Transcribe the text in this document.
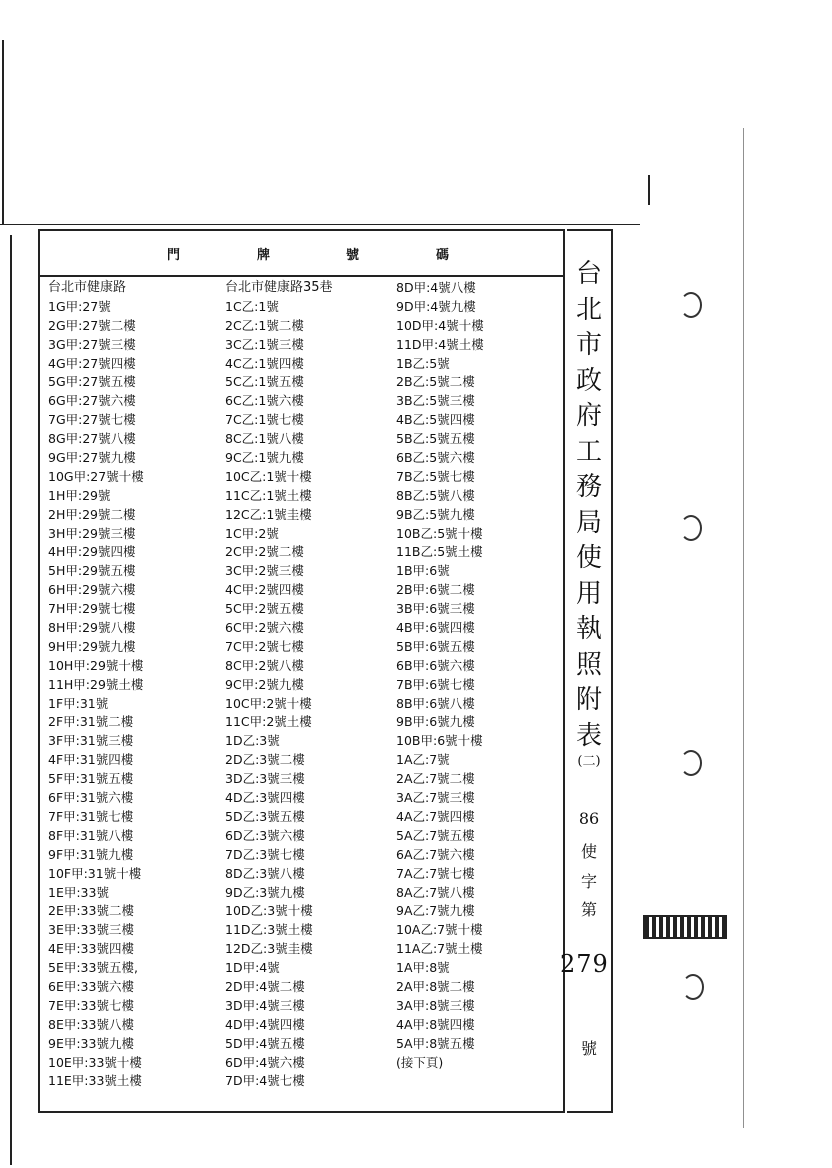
門	牌	號	碼
台北市健康路
1G甲:27號
2G甲:27號二樓
3G甲:27號三樓
4G甲:27號四樓
5G甲:27號五樓
6G甲:27號六樓
7G甲:27號七樓
8G甲:27號八樓
9G甲:27號九樓
10G甲:27號十樓
1H甲:29號
2H甲:29號二樓
3H甲:29號三樓
4H甲:29號四樓
5H甲:29號五樓
6H甲:29號六樓
7H甲:29號七樓
8H甲:29號八樓
9H甲:29號九樓
10H甲:29號十樓
11H甲:29號土樓
1F甲:31號
2F甲:31號二樓
3F甲:31號三樓
4F甲:31號四樓
5F甲:31號五樓
6F甲:31號六樓
7F甲:31號七樓
8F甲:31號八樓
9F甲:31號九樓
10F甲:31號十樓
1E甲:33號
2E甲:33號二樓
3E甲:33號三樓
4E甲:33號四樓
5E甲:33號五樓,
6E甲:33號六樓
7E甲:33號七樓
8E甲:33號八樓
9E甲:33號九樓
10E甲:33號十樓
11E甲:33號土樓
台北市健康路35巷
1C乙:1號
2C乙:1號二樓
3C乙:1號三樓
4C乙:1號四樓
5C乙:1號五樓
6C乙:1號六樓
7C乙:1號七樓
8C乙:1號八樓
9C乙:1號九樓
10C乙:1號十樓
11C乙:1號土樓
12C乙:1號圭樓
1C甲:2號
2C甲:2號二樓
3C甲:2號三樓
4C甲:2號四樓
5C甲:2號五樓
6C甲:2號六樓
7C甲:2號七樓
8C甲:2號八樓
9C甲:2號九樓
10C甲:2號十樓
11C甲:2號土樓
1D乙:3號
2D乙:3號二樓
3D乙:3號三樓
4D乙:3號四樓
5D乙:3號五樓
6D乙:3號六樓
7D乙:3號七樓
8D乙:3號八樓
9D乙:3號九樓
10D乙:3號十樓
11D乙:3號土樓
12D乙:3號圭樓
1D甲:4號
2D甲:4號二樓
3D甲:4號三樓
4D甲:4號四樓
5D甲:4號五樓
6D甲:4號六樓
7D甲:4號七樓
8D甲:4號八樓
9D甲:4號九樓
10D甲:4號十樓
11D甲:4號土樓
1B乙:5號
2B乙:5號二樓
3B乙:5號三樓
4B乙:5號四樓
5B乙:5號五樓
6B乙:5號六樓
7B乙:5號七樓
8B乙:5號八樓
9B乙:5號九樓
10B乙:5號十樓
11B乙:5號土樓
1B甲:6號
2B甲:6號二樓
3B甲:6號三樓
4B甲:6號四樓
5B甲:6號五樓
6B甲:6號六樓
7B甲:6號七樓
8B甲:6號八樓
9B甲:6號九樓
10B甲:6號十樓
1A乙:7號
2A乙:7號二樓
3A乙:7號三樓
4A乙:7號四樓
5A乙:7號五樓
6A乙:7號六樓
7A乙:7號七樓
8A乙:7號八樓
9A乙:7號九樓
10A乙:7號十樓
11A乙:7號土樓
1A甲:8號
2A甲:8號二樓
3A甲:8號三樓
4A甲:8號四樓
5A甲:8號五樓
(接下頁)
台
北
市
政
府
工
務
局
使
用
執
照
附
表
(二)
86
使
字
第
號
279
